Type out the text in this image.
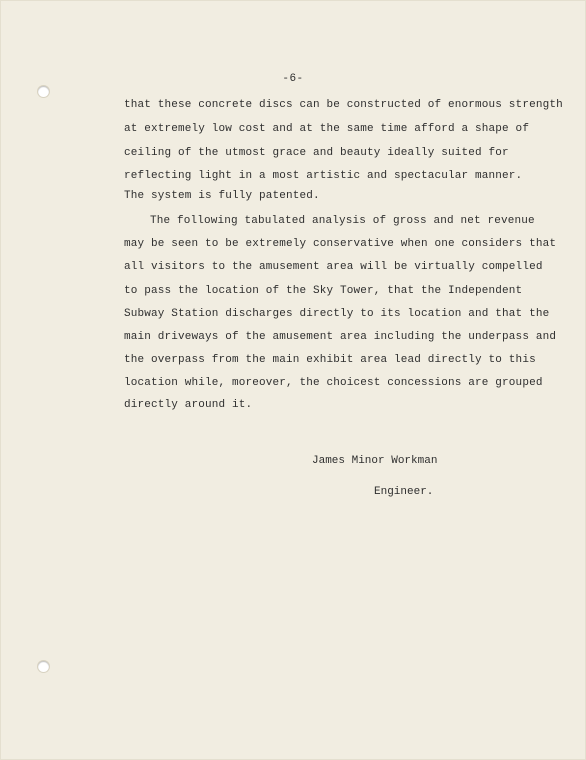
-6-
that these concrete discs can be constructed of enormous strength
at extremely low cost and at the same time afford a shape of
ceiling of the utmost grace and beauty ideally suited for
reflecting light in a most artistic and spectacular manner.
The system is fully patented.
The following tabulated analysis of gross and net revenue
may be seen to be extremely conservative when one considers that
all visitors to the amusement area will be virtually compelled
to pass the location of the Sky Tower, that the Independent
Subway Station discharges directly to its location and that the
main driveways of the amusement area including the underpass and
the overpass from the main exhibit area lead directly to this
location while, moreover, the choicest concessions are grouped
directly around it.
James Minor Workman
Engineer.
